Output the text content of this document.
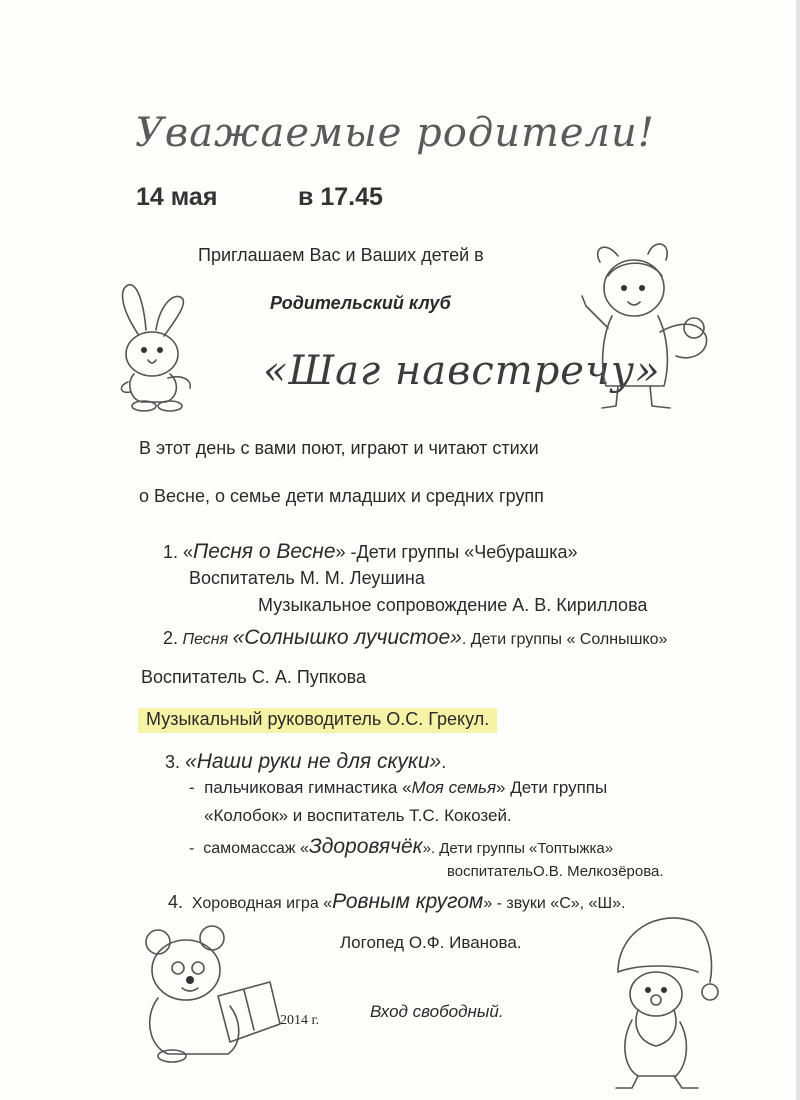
Уважаемые родители!
14 мая	в 17.45
Приглашаем Вас и Ваших детей в
Родительский клуб
«Шаг навстречу»
В этот день с вами поют, играют и читают стихи
о Весне, о семье дети младших и средних групп
1. «Песня о Весне» -Дети группы «Чебурашка»
Воспитатель М. М. Леушина
Музыкальное сопровождение А. В. Кириллова
2. Песня «Солнышко лучистое». Дети группы « Солнышко»
Воспитатель С. А. Пупкова
Музыкальный руководитель О.С. Грекул.
3. «Наши руки не для скуки».
- пальчиковая гимнастика «Моя семья» Дети группы
«Колобок» и воспитатель Т.С. Кокозей.
- самомассаж «Здоровячёк». Дети группы «Топтыжка»
воспитательО.В. Мелкозёрова.
4. Хороводная игра «Ровным кругом» - звуки «С», «Ш».
Логопед О.Ф. Иванова.
2014 г.	Вход свободный.
